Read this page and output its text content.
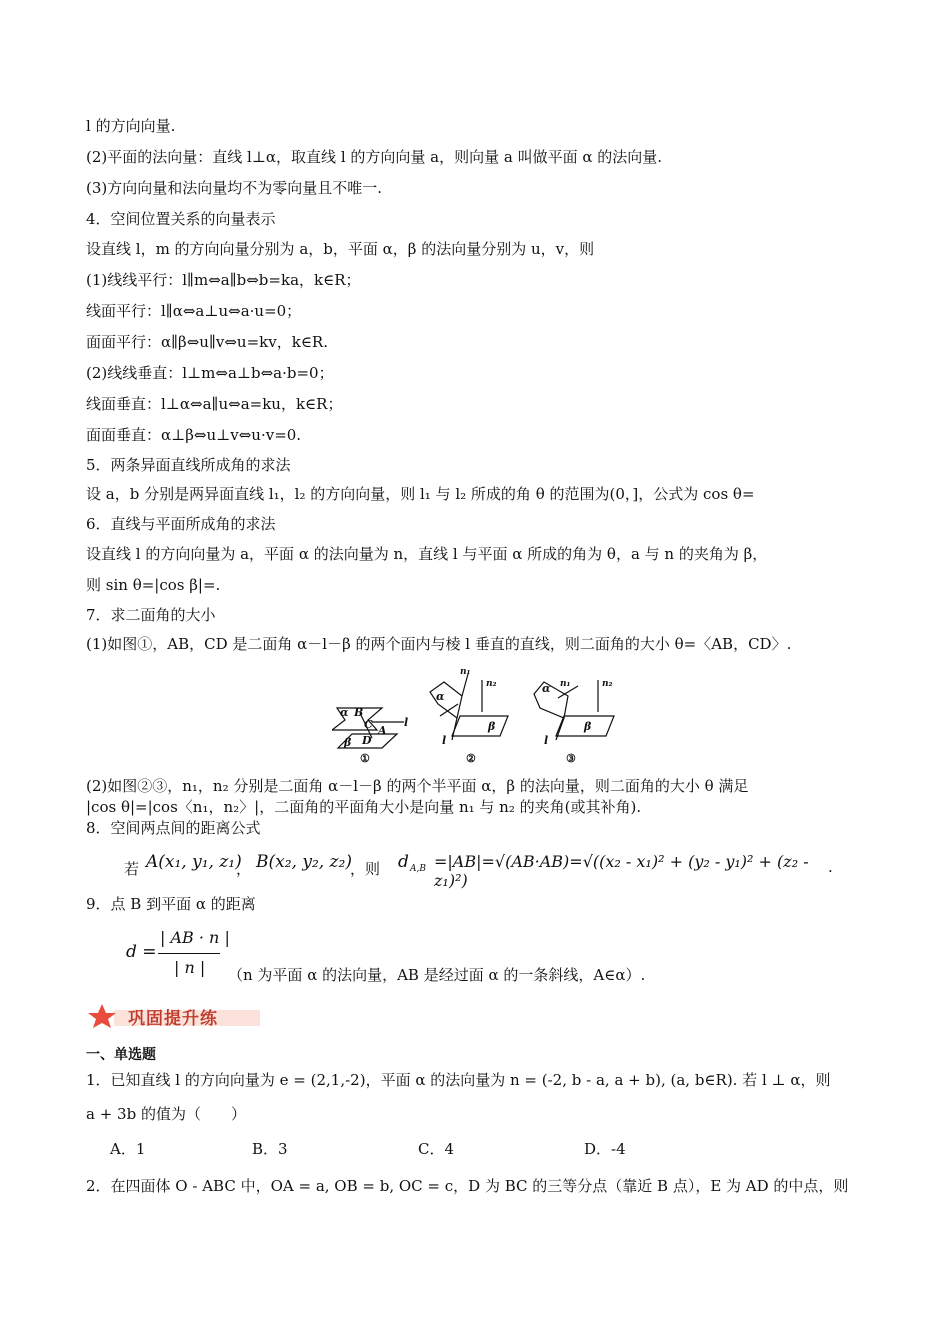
l 的方向向量.
(2)平面的法向量：直线 l⊥α，取直线 l 的方向向量 a，则向量 a 叫做平面 α 的法向量.
(3)方向向量和法向量均不为零向量且不唯一.
4．空间位置关系的向量表示
设直线 l，m 的方向向量分别为 a，b，平面 α，β 的法向量分别为 u，v，则
(1)线线平行：l∥m⇔a∥b⇔b=ka，k∈R；
线面平行：l∥α⇔a⊥u⇔a·u=0；
面面平行：α∥β⇔u∥v⇔u=kv，k∈R.
(2)线线垂直：l⊥m⇔a⊥b⇔a·b=0；
线面垂直：l⊥α⇔a∥u⇔a=ku，k∈R；
面面垂直：α⊥β⇔u⊥v⇔u·v=0.
5．两条异面直线所成角的求法
设 a，b 分别是两异面直线 l₁，l₂ 的方向向量，则 l₁ 与 l₂ 所成的角 θ 的范围为(0，]，公式为 cos θ=
6．直线与平面所成角的求法
设直线 l 的方向向量为 a，平面 α 的法向量为 n，直线 l 与平面 α 所成的角为 θ，a 与 n 的夹角为 β，
则 sin θ=|cos β|=.
7．求二面角的大小
(1)如图①，AB，CD 是二面角 α－l－β 的两个面内与棱 l 垂直的直线，则二面角的大小 θ=〈AB，CD〉.
α B
C A
D
β
l
①
n₁
n₂
α
β
l
②
α n₁	n₂
β
l
③
(2)如图②③，n₁，n₂ 分别是二面角 α－l－β 的两个半平面 α，β 的法向量，则二面角的大小 θ 满足
|cos θ|=|cos〈n₁，n₂〉|，二面角的平面角大小是向量 n₁ 与 n₂ 的夹角(或其补角).
8．空间两点间的距离公式
若 A(x₁, y₁, z₁)
， B(x₂, y₂, z₂)
，则 d A,B =|AB|=√(AB·AB)=√((x₂ - x₁)² + (y₂ - y₁)² + (z₂ - z₁)²)
.
9．点 B 到平面 α 的距离
d =
| AB · n |
| n | （n 为平面 α 的法向量，AB 是经过面 α 的一条斜线，A∈α）.
巩固提升练
一、单选题
1．已知直线 l 的方向向量为 e = (2,1,-2)，平面 α 的法向量为 n = (-2, b - a, a + b), (a, b∈R). 若 l ⊥ α，则
a + 3b 的值为（　　）
A．1	B．3	C．4	D．-4
2．在四面体 O - ABC 中，OA = a, OB = b, OC = c，D 为 BC 的三等分点（靠近 B 点），E 为 AD 的中点，则
